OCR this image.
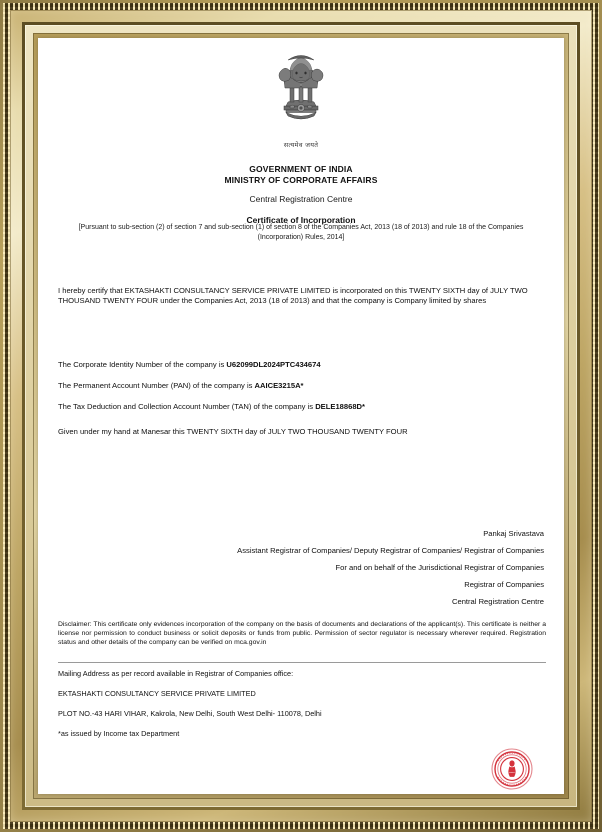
सत्यमेव जयते
GOVERNMENT OF INDIA
MINISTRY OF CORPORATE AFFAIRS
Central Registration Centre
Certificate of Incorporation
[Pursuant to sub-section (2) of section 7 and sub-section (1) of section 8 of the Companies Act, 2013 (18 of 2013) and rule 18 of the Companies (Incorporation) Rules, 2014]
I hereby certify that EKTASHAKTI CONSULTANCY SERVICE PRIVATE LIMITED is incorporated on this TWENTY SIXTH day of JULY TWO THOUSAND TWENTY FOUR under the Companies Act, 2013 (18 of 2013) and that the company is Company limited by shares
The Corporate Identity Number of the company is U62099DL2024PTC434674
The Permanent Account Number (PAN) of the company is AAICE3215A*
The Tax Deduction and Collection Account Number (TAN) of the company is DELE18868D*
Given under my hand at Manesar this TWENTY SIXTH day of JULY TWO THOUSAND TWENTY FOUR
Pankaj Srivastava
Assistant Registrar of Companies/ Deputy Registrar of Companies/ Registrar of Companies
For and on behalf of the Jurisdictional Registrar of Companies
Registrar of Companies
Central Registration Centre
Disclaimer: This certificate only evidences incorporation of the company on the basis of documents and declarations of the applicant(s). This certificate is neither a license nor permission to conduct business or solicit deposits or funds from public. Permission of sector regulator is necessary wherever required. Registration status and other details of the company can be verified on mca.gov.in
Mailing Address as per record available in Registrar of Companies office:
EKTASHAKTI CONSULTANCY SERVICE PRIVATE LIMITED
PLOT NO.-43 HARI VIHAR, Kakrola, New Delhi, South West Delhi- 110078, Delhi
*as issued by Income tax Department
